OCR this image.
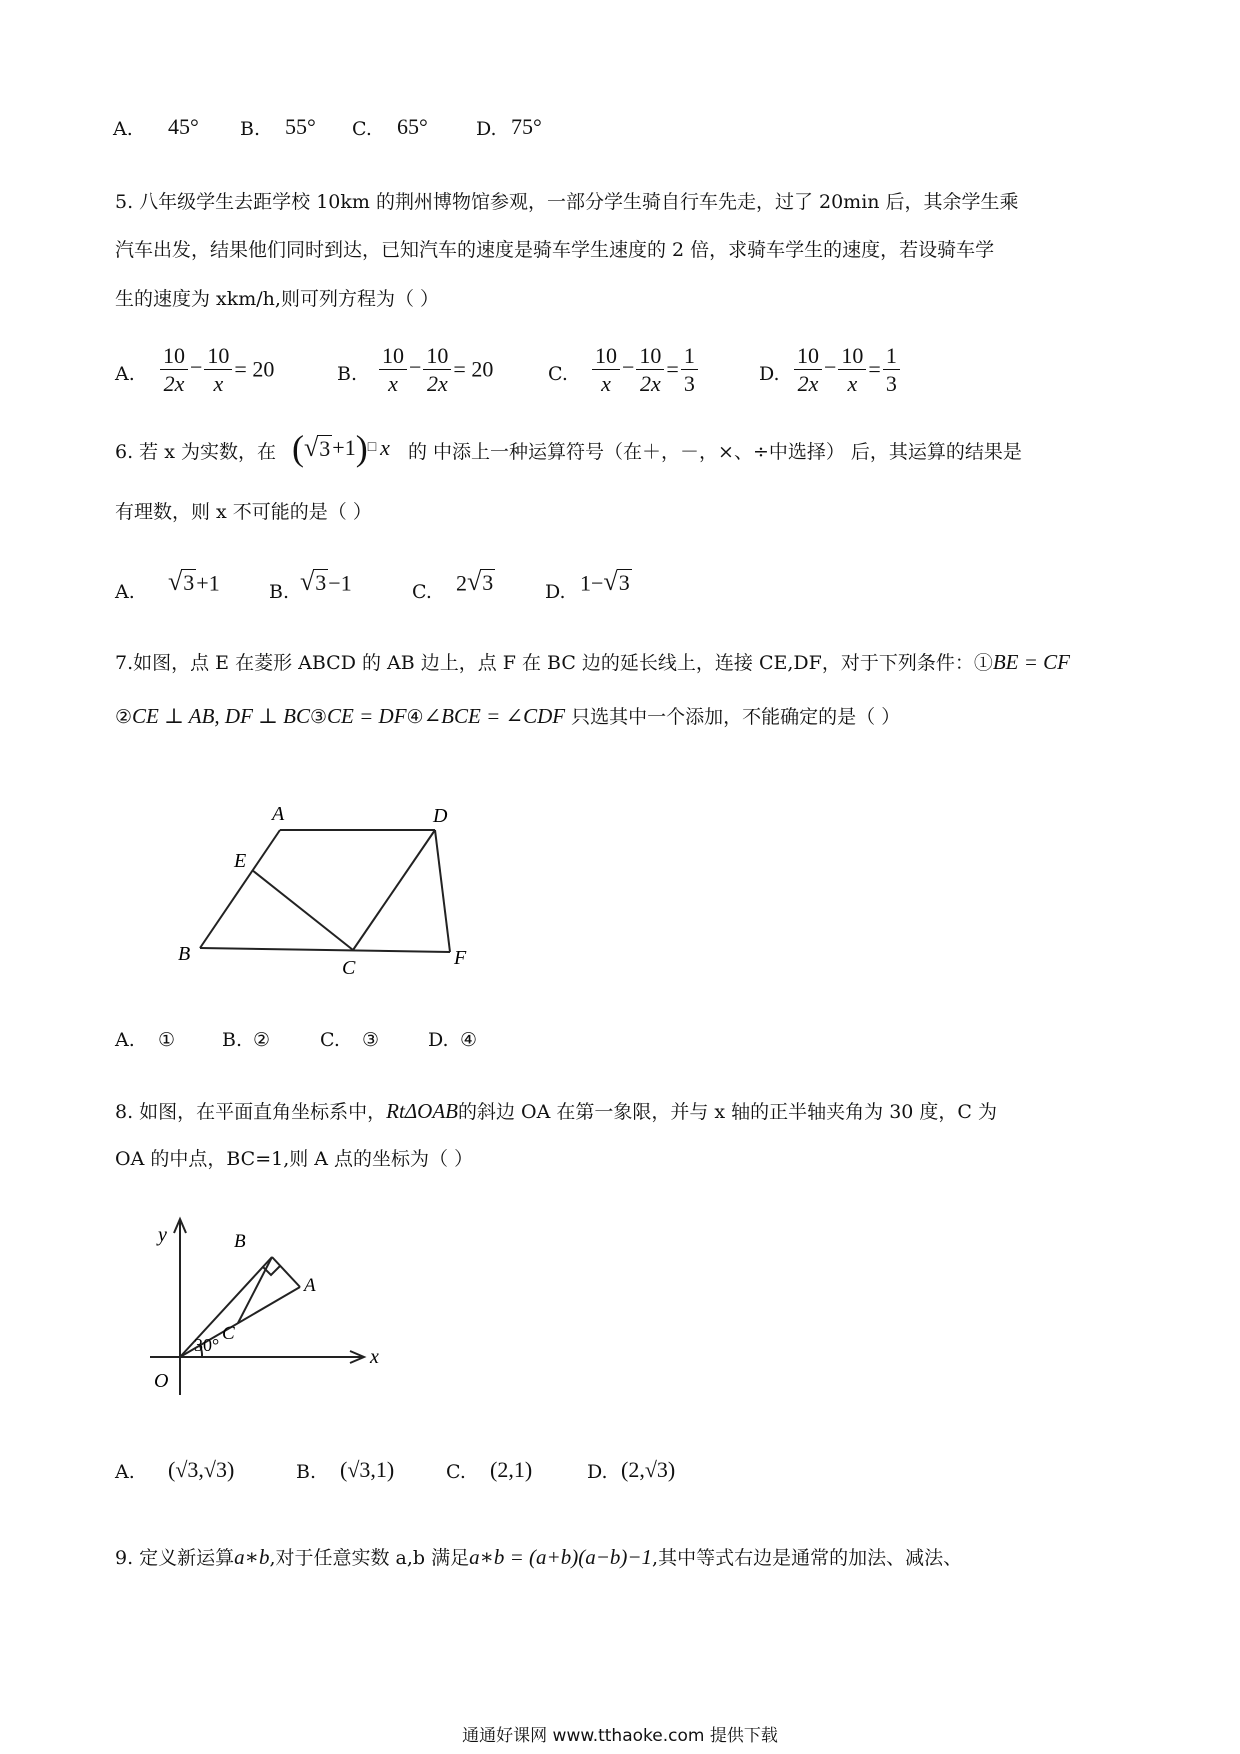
A. 45° B. 55° C. 65°	D. 75°
5. 八年级学生去距学校 10km 的荆州博物馆参观，一部分学生骑自行车先走，过了 20min 后，其余学生乘
汽车出发，结果他们同时到达，已知汽车的速度是骑车学生速度的 2 倍，求骑车学生的速度，若设骑车学
生的速度为 xkm/h,则可列方程为（ ）
A. $\frac{10}{2x} - \frac{10}{x} = 20$	B. $\frac{10}{x} - \frac{10}{2x} = 20$	C. $\frac{10}{x} - \frac{10}{2x} = \frac{1}{3}$	D. $\frac{10}{2x} - \frac{10}{x} = \frac{1}{3}$
6. 若 x 为实数，在 ( √ 3 +1)□ x 的 中添上一种运算符号（在＋，－，×、÷中选择） 后，其运算的结果是
有理数，则 x 不可能的是（ ）
A. √ 3 +1	B. √ 3 −1	C. 2 √ 3	D. 1− √ 3
7.如图，点 E 在菱形 ABCD 的 AB 边上，点 F 在 BC 边的延长线上，连接 CE,DF，对于下列条件：①BE = CF
②CE ⊥ AB, DF ⊥ BC③CE = DF④∠BCE = ∠CDF 只选其中一个添加，不能确定的是（ ）
A	D
E
B
C	F
A. ① B. ②	C. ③	D. ④
8. 如图，在平面直角坐标系中，RtΔOAB的斜边 OA 在第一象限，并与 x 轴的正半轴夹角为 30 度，C 为
OA 的中点，BC=1,则 A 点的坐标为（ ）
y	B
A
C
30°
O
x
A. (√3,√3)	B. (√3,1)	C. (2,1)	D. (2,√3)
9. 定义新运算a∗b,对于任意实数 a,b 满足a∗b = (a+b)(a−b)−1,其中等式右边是通常的加法、减法、
通通好课网 www.tthaoke.com 提供下载
